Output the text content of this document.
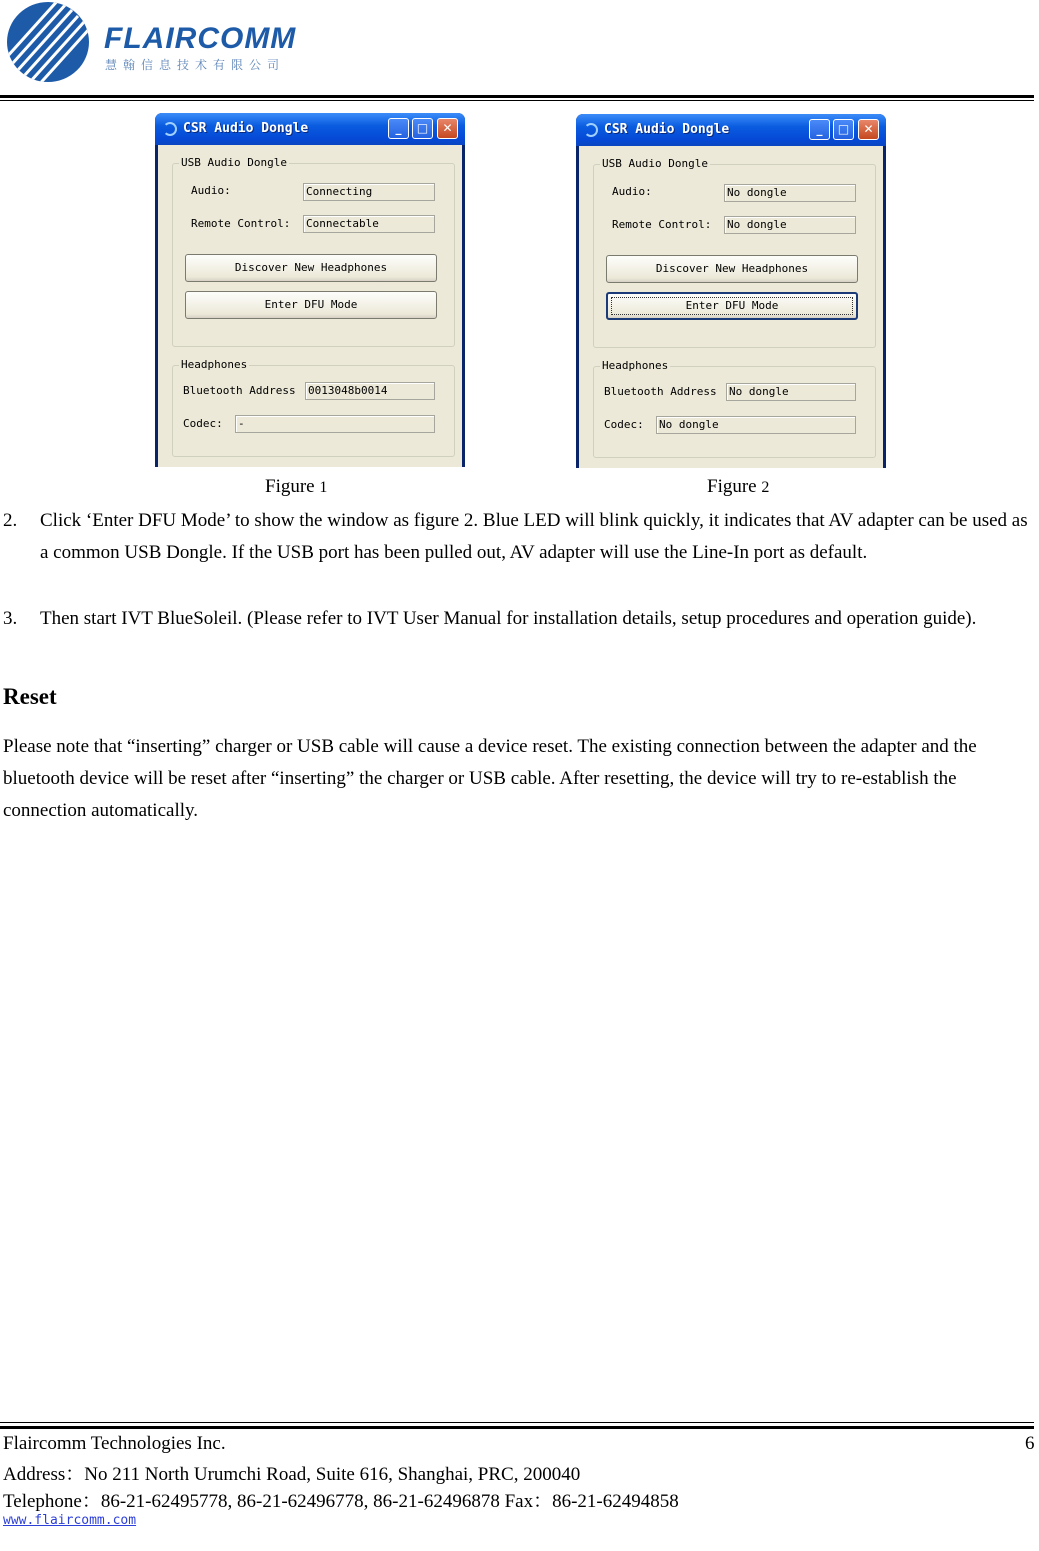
FLAIRCOMM
慧翰信息技术有限公司
CSR Audio Dongle	_	□	✕
USB Audio Dongle
Audio:	Connecting
Remote Control: Connectable
Discover New Headphones
Enter DFU Mode
Headphones
Bluetooth Address 0013048b0014
Codec: -
CSR Audio Dongle	_	□	✕
USB Audio Dongle
Audio:	No dongle
Remote Control: No dongle
Discover New Headphones
Enter DFU Mode
Headphones
Bluetooth Address No dongle
Codec: No dongle
Figure 1	Figure 2
2. Click ‘Enter DFU Mode’ to show the window as figure 2. Blue LED will blink quickly, it indicates that AV adapter can be used as a common USB Dongle. If the USB port has been pulled out, AV adapter will use the Line-In port as default.
3. Then start IVT BlueSoleil. (Please refer to IVT User Manual for installation details, setup procedures and operation guide).
Reset
Please note that “inserting” charger or USB cable will cause a device reset. The existing connection between the adapter and the bluetooth device will be reset after “inserting” the charger or USB cable. After resetting, the device will try to re-establish the connection automatically.
Flaircomm Technologies Inc.	6
Address：No 211 North Urumchi Road, Suite 616, Shanghai, PRC, 200040
Telephone：86-21-62495778, 86-21-62496778, 86-21-62496878 Fax：86-21-62494858
www.flaircomm.com
